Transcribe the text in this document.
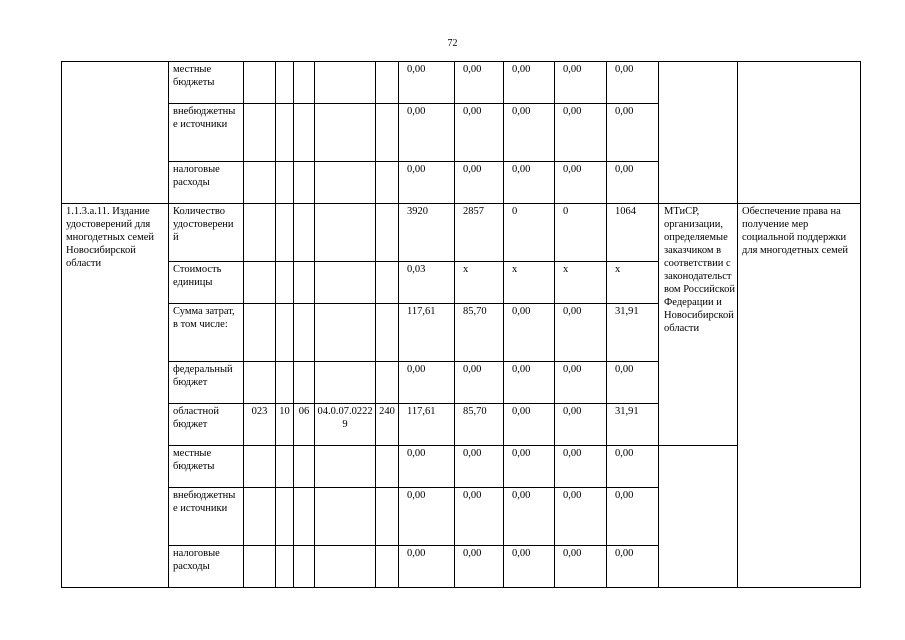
72
	местные бюджеты						0,00	0,00	0,00	0,00	0,00		
	внебюджетные источники						0,00	0,00	0,00	0,00	0,00		
	налоговые расходы						0,00	0,00	0,00	0,00	0,00		
1.1.3.а.11. Издание удостоверений для многодетных семей Новосибирской области	Количество удостоверений						3920	2857	0	0	1064	МТиСР, организации, определяемые заказчиком в соответствии с законодательством Российской Федерации и Новосибирской области	Обеспечение права на получение мер социальной поддержки для многодетных семей
	Стоимость единицы						0,03	x	x	x	x		
	Сумма затрат, в том числе:						117,61	85,70	0,00	0,00	31,91		
	федеральный бюджет						0,00	0,00	0,00	0,00	0,00		
	областной бюджет	023	10	06	04.0.07.02229	240	117,61	85,70	0,00	0,00	31,91		
	местные бюджеты						0,00	0,00	0,00	0,00	0,00		
	внебюджетные источники						0,00	0,00	0,00	0,00	0,00		
	налоговые расходы						0,00	0,00	0,00	0,00	0,00		
